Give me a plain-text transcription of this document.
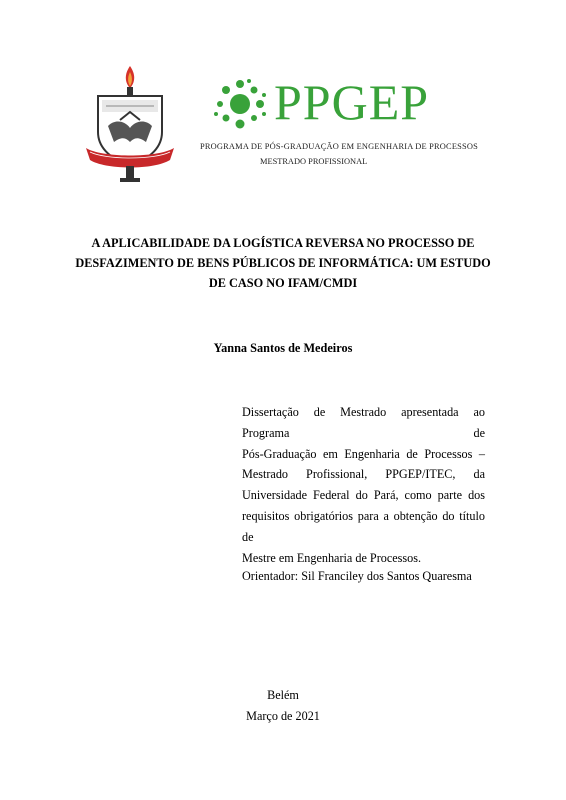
PPGEP
PROGRAMA DE PÓS-GRADUAÇÃO EM ENGENHARIA DE PROCESSOS
MESTRADO PROFISSIONAL
A APLICABILIDADE DA LOGÍSTICA REVERSA NO PROCESSO DE
DESFAZIMENTO DE BENS PÚBLICOS DE INFORMÁTICA: UM ESTUDO
DE CASO NO IFAM/CMDI
Yanna Santos de Medeiros
Dissertação de Mestrado apresentada ao Programa de
Pós-Graduação em Engenharia de Processos –
Mestrado Profissional, PPGEP/ITEC, da
Universidade Federal do Pará, como parte dos
requisitos obrigatórios para a obtenção do título de
Mestre em Engenharia de Processos.
Orientador: Sil Franciley dos Santos Quaresma
Belém
Março de 2021
